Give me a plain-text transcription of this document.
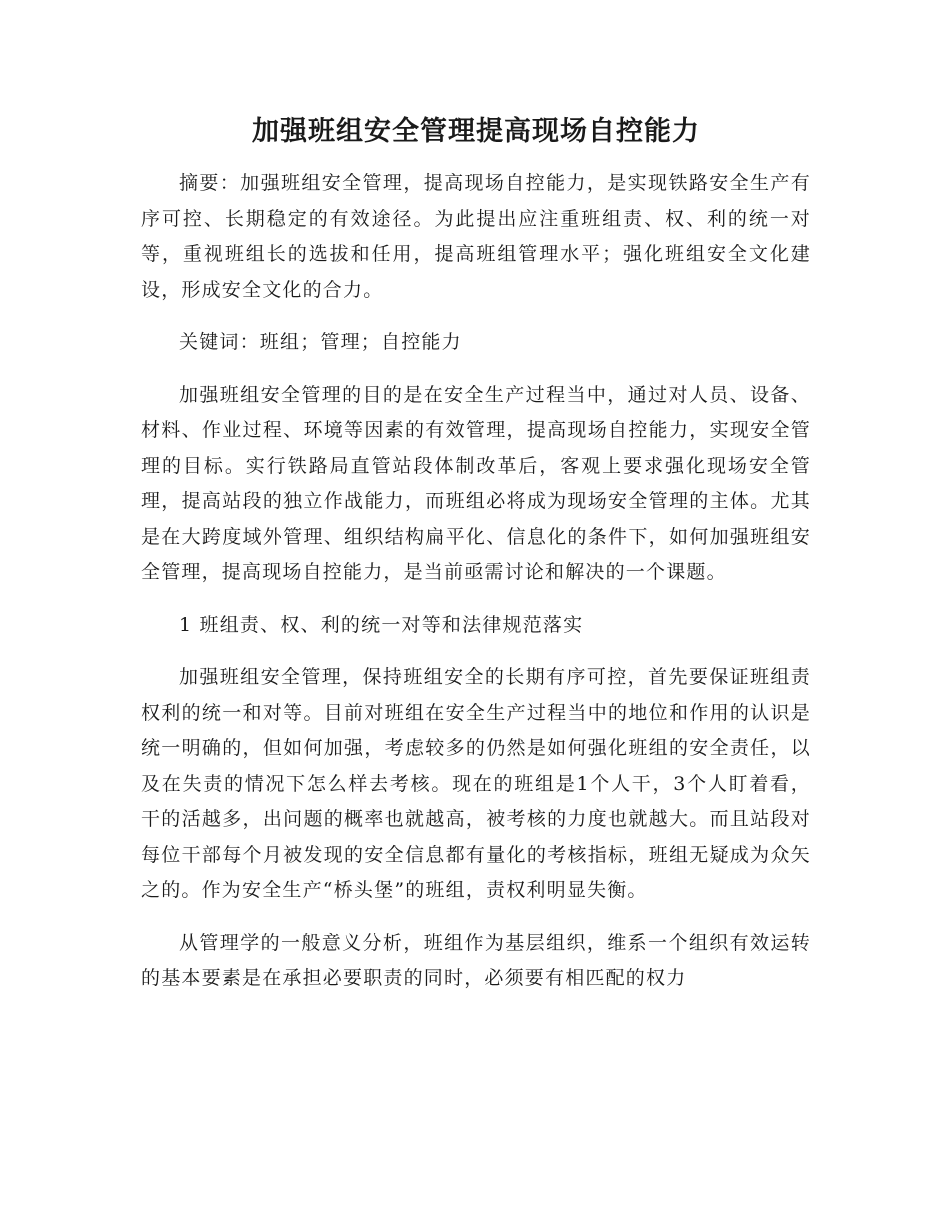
加强班组安全管理提高现场自控能力

摘要：加强班组安全管理，提高现场自控能力，是实现铁路安全生产有序可控、长期稳定的有效途径。为此提出应注重班组责、权、利的统一对等，重视班组长的选拔和任用，提高班组管理水平；强化班组安全文化建设，形成安全文化的合力。

关键词：班组；管理；自控能力

加强班组安全管理的目的是在安全生产过程当中，通过对人员、设备、材料、作业过程、环境等因素的有效管理，提高现场自控能力，实现安全管理的目标。实行铁路局直管站段体制改革后，客观上要求强化现场安全管理，提高站段的独立作战能力，而班组必将成为现场安全管理的主体。尤其是在大跨度域外管理、组织结构扁平化、信息化的条件下，如何加强班组安全管理，提高现场自控能力，是当前亟需讨论和解决的一个课题。

1 班组责、权、利的统一对等和法律规范落实

加强班组安全管理，保持班组安全的长期有序可控，首先要保证班组责权利的统一和对等。目前对班组在安全生产过程当中的地位和作用的认识是统一明确的，但如何加强，考虑较多的仍然是如何强化班组的安全责任，以及在失责的情况下怎么样去考核。现在的班组是1个人干，3个人盯着看，干的活越多，出问题的概率也就越高，被考核的力度也就越大。而且站段对每位干部每个月被发现的安全信息都有量化的考核指标，班组无疑成为众矢之的。作为安全生产“桥头堡”的班组，责权利明显失衡。

从管理学的一般意义分析，班组作为基层组织，维系一个组织有效运转的基本要素是在承担必要职责的同时，必须要有相匹配的权力
